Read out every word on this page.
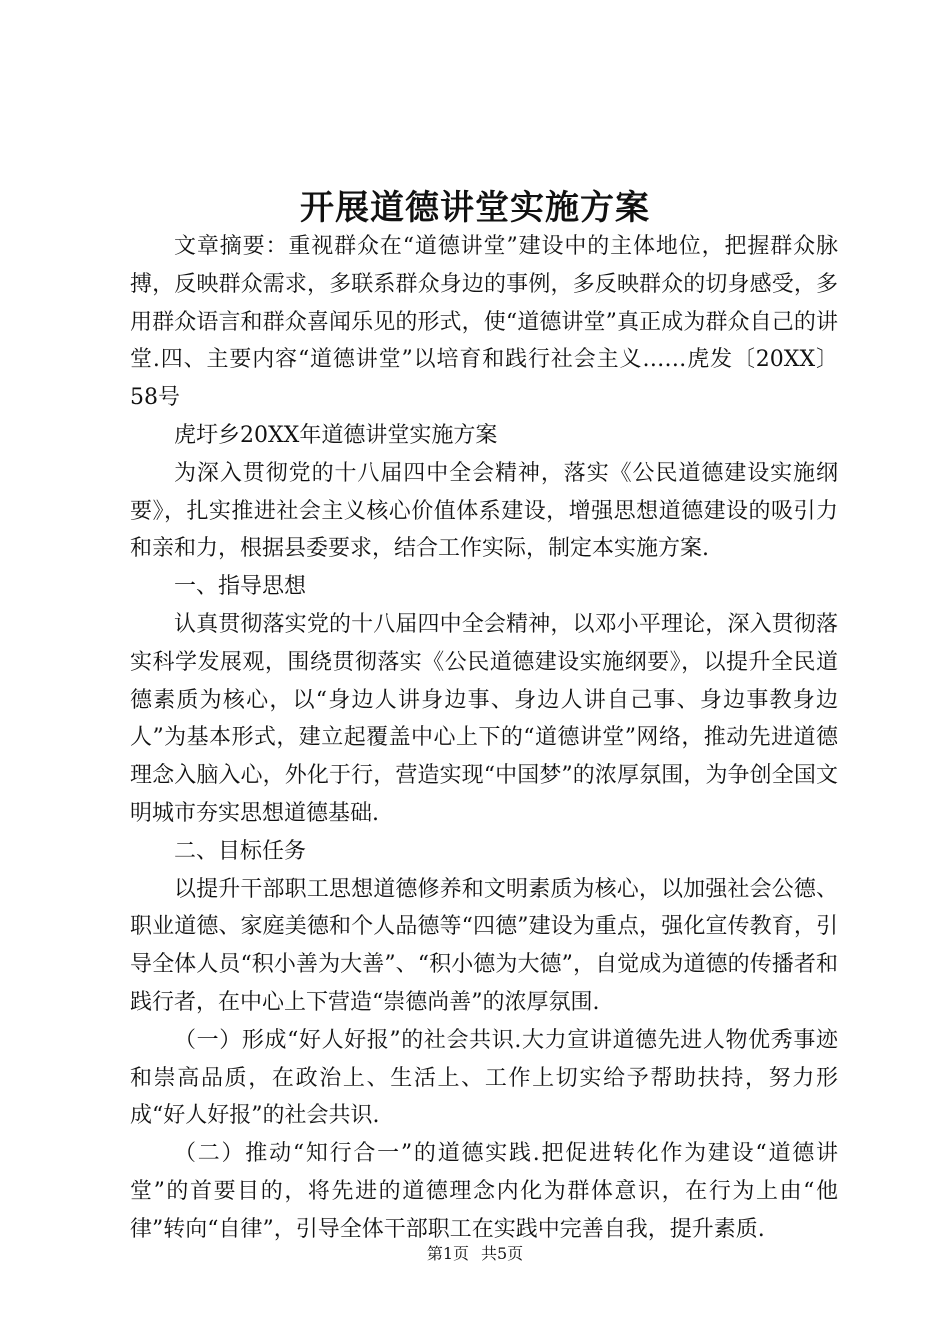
开展道德讲堂实施方案

文章摘要：重视群众在“道德讲堂”建设中的主体地位，把握群众脉搏，反映群众需求，多联系群众身边的事例，多反映群众的切身感受，多用群众语言和群众喜闻乐见的形式，使“道德讲堂”真正成为群众自己的讲堂.四、主要内容“道德讲堂”以培育和践行社会主义……虎发〔20XX〕58号

虎圩乡20XX年道德讲堂实施方案

为深入贯彻党的十八届四中全会精神，落实《公民道德建设实施纲要》，扎实推进社会主义核心价值体系建设，增强思想道德建设的吸引力和亲和力，根据县委要求，结合工作实际，制定本实施方案.

一、指导思想

认真贯彻落实党的十八届四中全会精神，以邓小平理论，深入贯彻落实科学发展观，围绕贯彻落实《公民道德建设实施纲要》，以提升全民道德素质为核心，以“身边人讲身边事、身边人讲自己事、身边事教身边人”为基本形式，建立起覆盖中心上下的“道德讲堂”网络，推动先进道德理念入脑入心，外化于行，营造实现“中国梦”的浓厚氛围，为争创全国文明城市夯实思想道德基础.

二、目标任务

以提升干部职工思想道德修养和文明素质为核心，以加强社会公德、职业道德、家庭美德和个人品德等“四德”建设为重点，强化宣传教育，引导全体人员“积小善为大善”、“积小德为大德”，自觉成为道德的传播者和践行者，在中心上下营造“崇德尚善”的浓厚氛围.

（一）形成“好人好报”的社会共识.大力宣讲道德先进人物优秀事迹和崇高品质，在政治上、生活上、工作上切实给予帮助扶持，努力形成“好人好报”的社会共识.

（二）推动“知行合一”的道德实践.把促进转化作为建设“道德讲堂”的首要目的，将先进的道德理念内化为群体意识，在行为上由“他律”转向“自律”，引导全体干部职工在实践中完善自我，提升素质.

第1页 共5页
